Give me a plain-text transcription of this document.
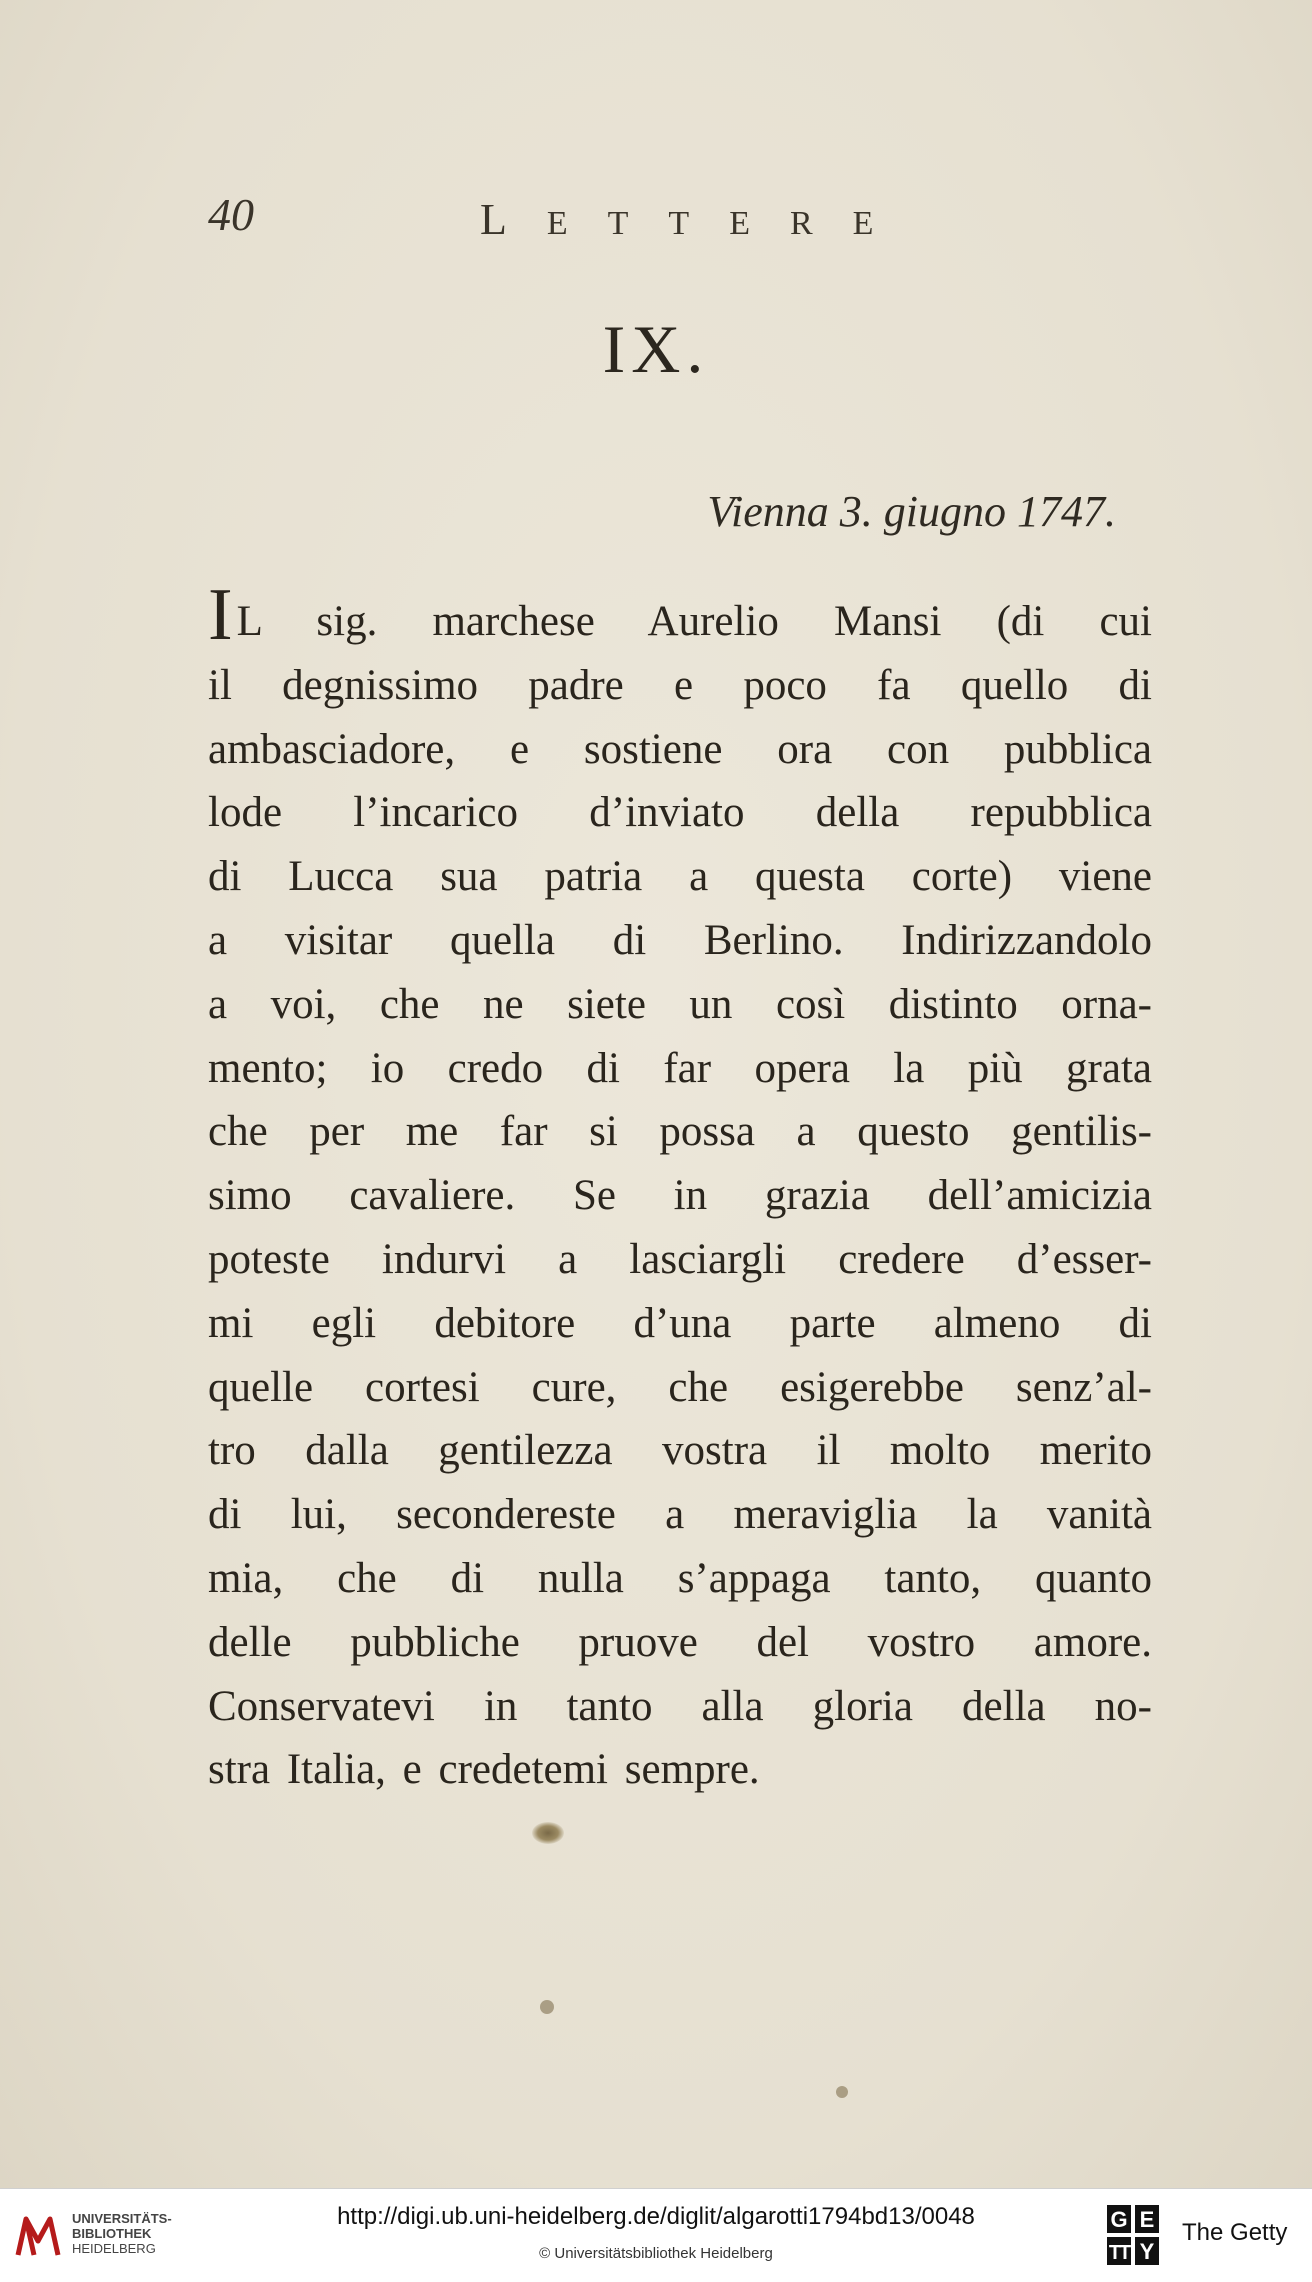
40	LETTERE
IX.
Vienna 3. giugno 1747.
IL sig. marchese Aurelio Mansi (di cui
il degnissimo padre e poco fa quello di
ambasciadore, e sostiene ora con pubblica
lode l’incarico d’inviato della repubblica
di Lucca sua patria a questa corte) viene
a visitar quella di Berlino. Indirizzandolo
a voi, che ne siete un così distinto orna-
mento; io credo di far opera la più grata
che per me far si possa a questo gentilis-
simo cavaliere. Se in grazia dell’amicizia
poteste indurvi a lasciargli credere d’esser-
mi egli debitore d’una parte almeno di
quelle cortesi cure, che esigerebbe senz’al-
tro dalla gentilezza vostra il molto merito
di lui, secondereste a meraviglia la vanità
mia, che di nulla s’appaga tanto, quanto
delle pubbliche pruove del vostro amore.
Conservatevi in tanto alla gloria della no-
stra Italia, e credetemi sempre.
UNIVERSITÄTS-
BIBLIOTHEK
HEIDELBERG
http://digi.ub.uni-heidelberg.de/diglit/algarotti1794bd13/0048
© Universitätsbibliothek Heidelberg
G E
T
T Y
The Getty
